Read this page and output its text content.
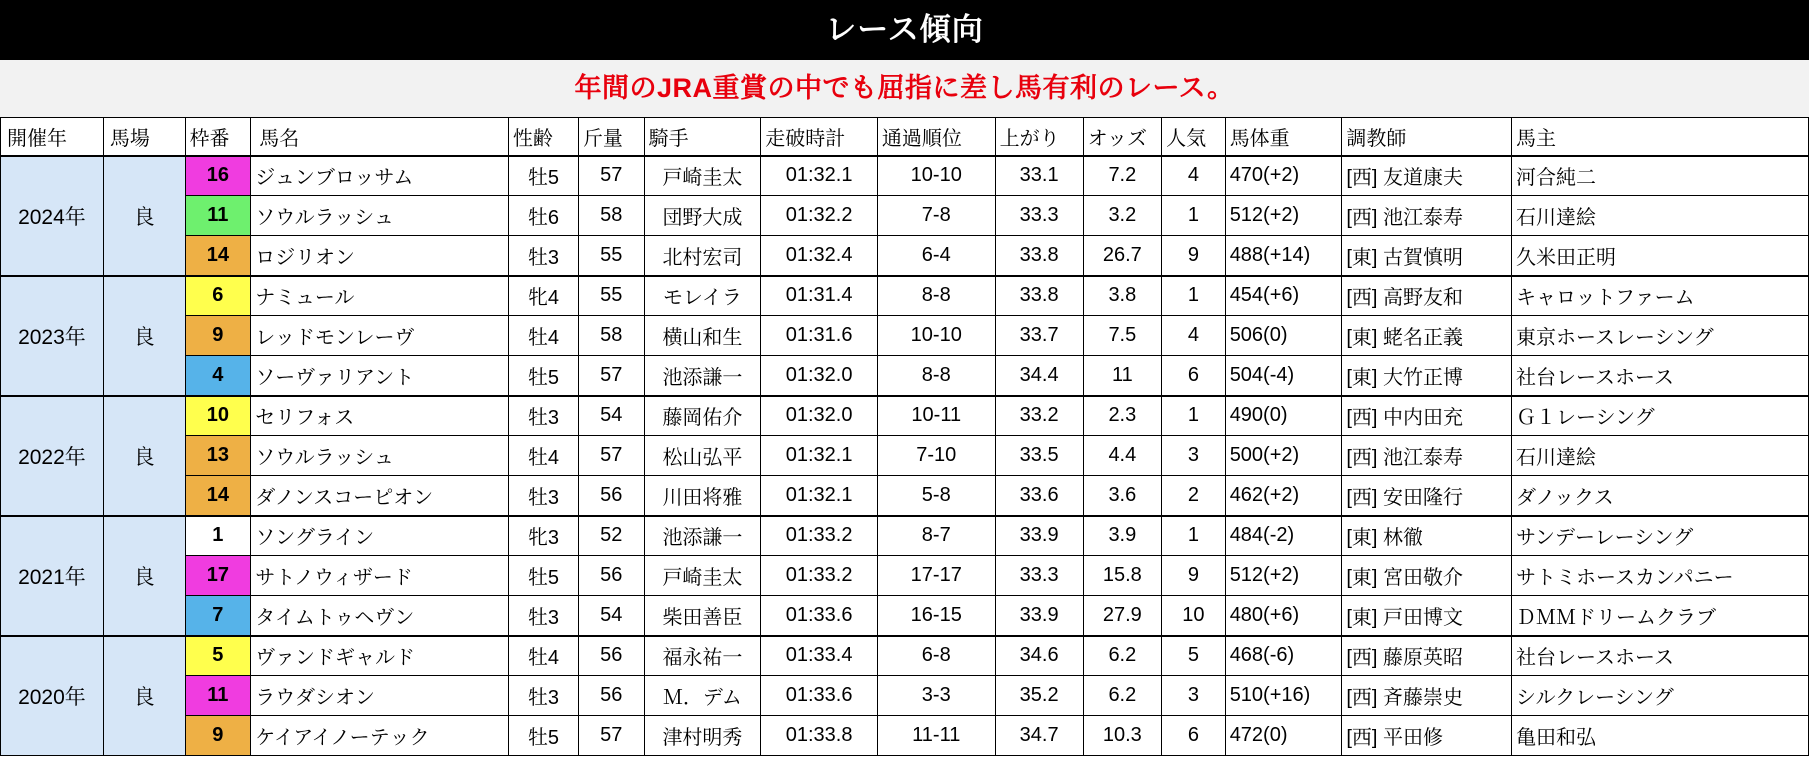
レース傾向
年間のJRA重賞の中でも屈指に差し馬有利のレース。
開催年	馬場	枠番	馬名	性齢	斤量	騎手	走破時計	通過順位	上がり	オッズ	人気	馬体重	調教師	馬主
2024年	良	16	ジュンブロッサム	牡5	57	戸崎圭太	01:32.1	10-10	33.1	7.2	4	470(+2)	[西] 友道康夫	河合純二
		11	ソウルラッシュ	牡6	58	団野大成	01:32.2	7-8	33.3	3.2	1	512(+2)	[西] 池江泰寿	石川達絵
		14	ロジリオン	牡3	55	北村宏司	01:32.4	6-4	33.8	26.7	9	488(+14)	[東] 古賀慎明	久米田正明
2023年	良	6	ナミュール	牝4	55	モレイラ	01:31.4	8-8	33.8	3.8	1	454(+6)	[西] 高野友和	キャロットファーム
		9	レッドモンレーヴ	牡4	58	横山和生	01:31.6	10-10	33.7	7.5	4	506(0)	[東] 蛯名正義	東京ホースレーシング
		4	ソーヴァリアント	牡5	57	池添謙一	01:32.0	8-8	34.4	11	6	504(-4)	[東] 大竹正博	社台レースホース
2022年	良	10	セリフォス	牡3	54	藤岡佑介	01:32.0	10-11	33.2	2.3	1	490(0)	[西] 中内田充	Ｇ１レーシング
		13	ソウルラッシュ	牡4	57	松山弘平	01:32.1	7-10	33.5	4.4	3	500(+2)	[西] 池江泰寿	石川達絵
		14	ダノンスコーピオン	牡3	56	川田将雅	01:32.1	5-8	33.6	3.6	2	462(+2)	[西] 安田隆行	ダノックス
2021年	良	1	ソングライン	牝3	52	池添謙一	01:33.2	8-7	33.9	3.9	1	484(-2)	[東] 林徹	サンデーレーシング
		17	サトノウィザード	牡5	56	戸崎圭太	01:33.2	17-17	33.3	15.8	9	512(+2)	[東] 宮田敬介	サトミホースカンパニー
		7	タイムトゥヘヴン	牡3	54	柴田善臣	01:33.6	16-15	33.9	27.9	10	480(+6)	[東] 戸田博文	ＤＭＭドリームクラブ
2020年	良	5	ヴァンドギャルド	牡4	56	福永祐一	01:33.4	6-8	34.6	6.2	5	468(-6)	[西] 藤原英昭	社台レースホース
		11	ラウダシオン	牡3	56	Ｍ．デム	01:33.6	3-3	35.2	6.2	3	510(+16)	[西] 斉藤崇史	シルクレーシング
		9	ケイアイノーテック	牡5	57	津村明秀	01:33.8	11-11	34.7	10.3	6	472(0)	[西] 平田修	亀田和弘
